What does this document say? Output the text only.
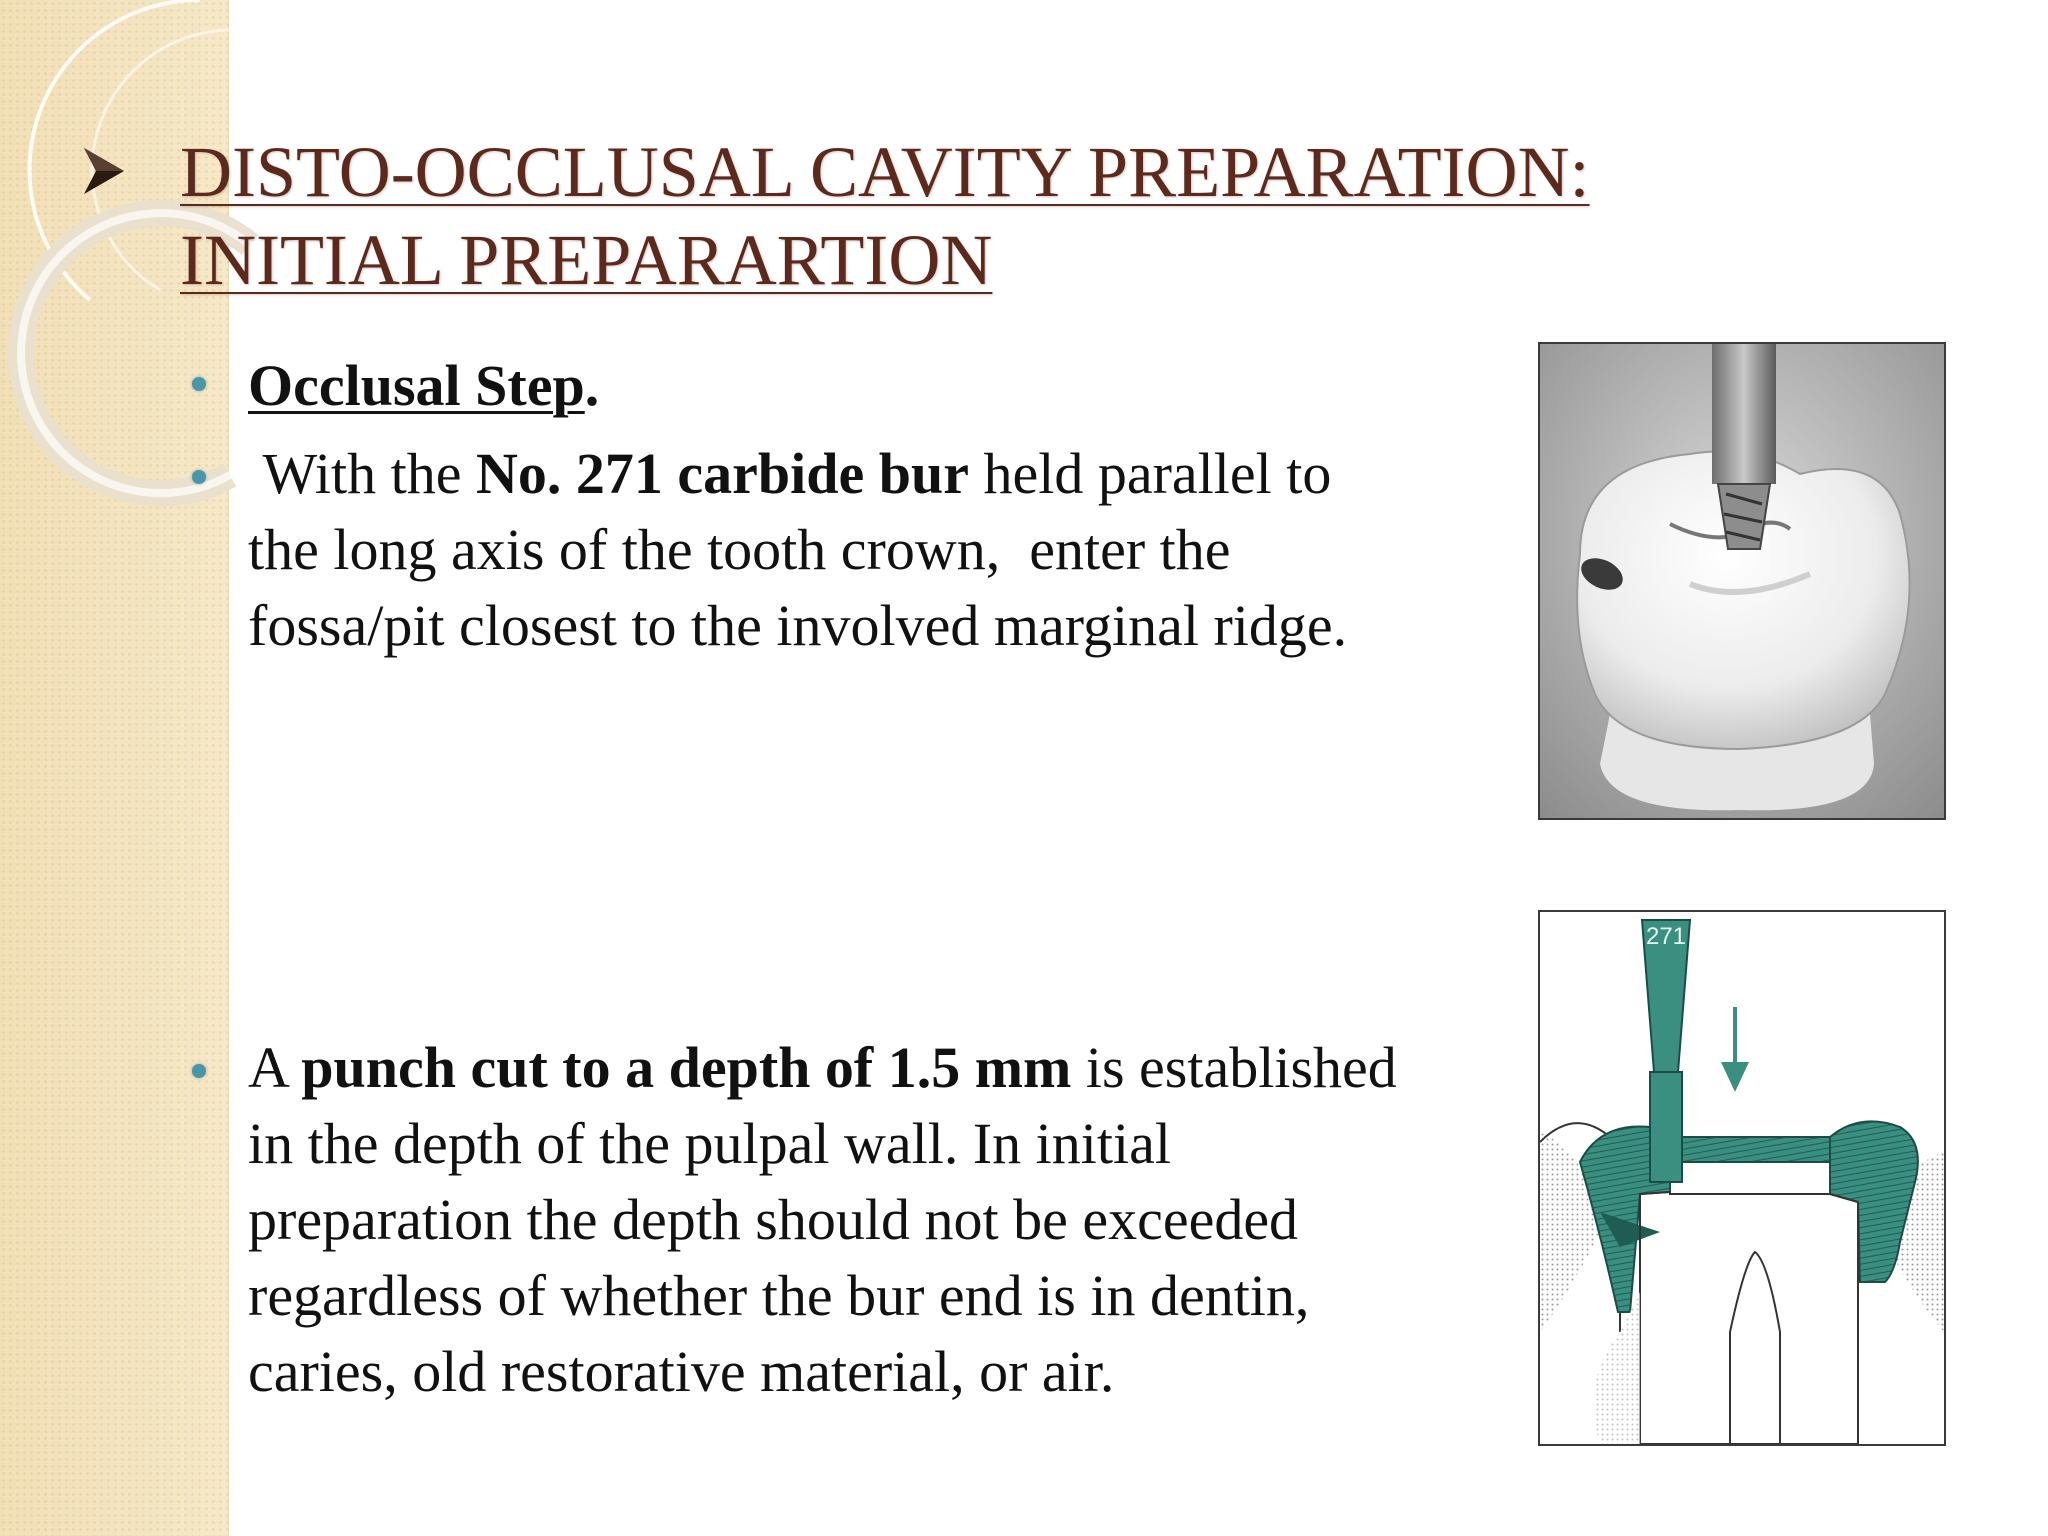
DISTO-OCCLUSAL CAVITY PREPARATION:
INITIAL PREPARARTION

Occlusal Step.

With the No. 271 carbide bur held parallel to the long axis of the tooth crown,  enter the fossa/pit closest to the involved marginal ridge.

A punch cut to a depth of 1.5 mm is established in the depth of the pulpal wall. In initial preparation the depth should not be exceeded regardless of whether the bur end is in dentin, caries, old restorative material, or air.

271
